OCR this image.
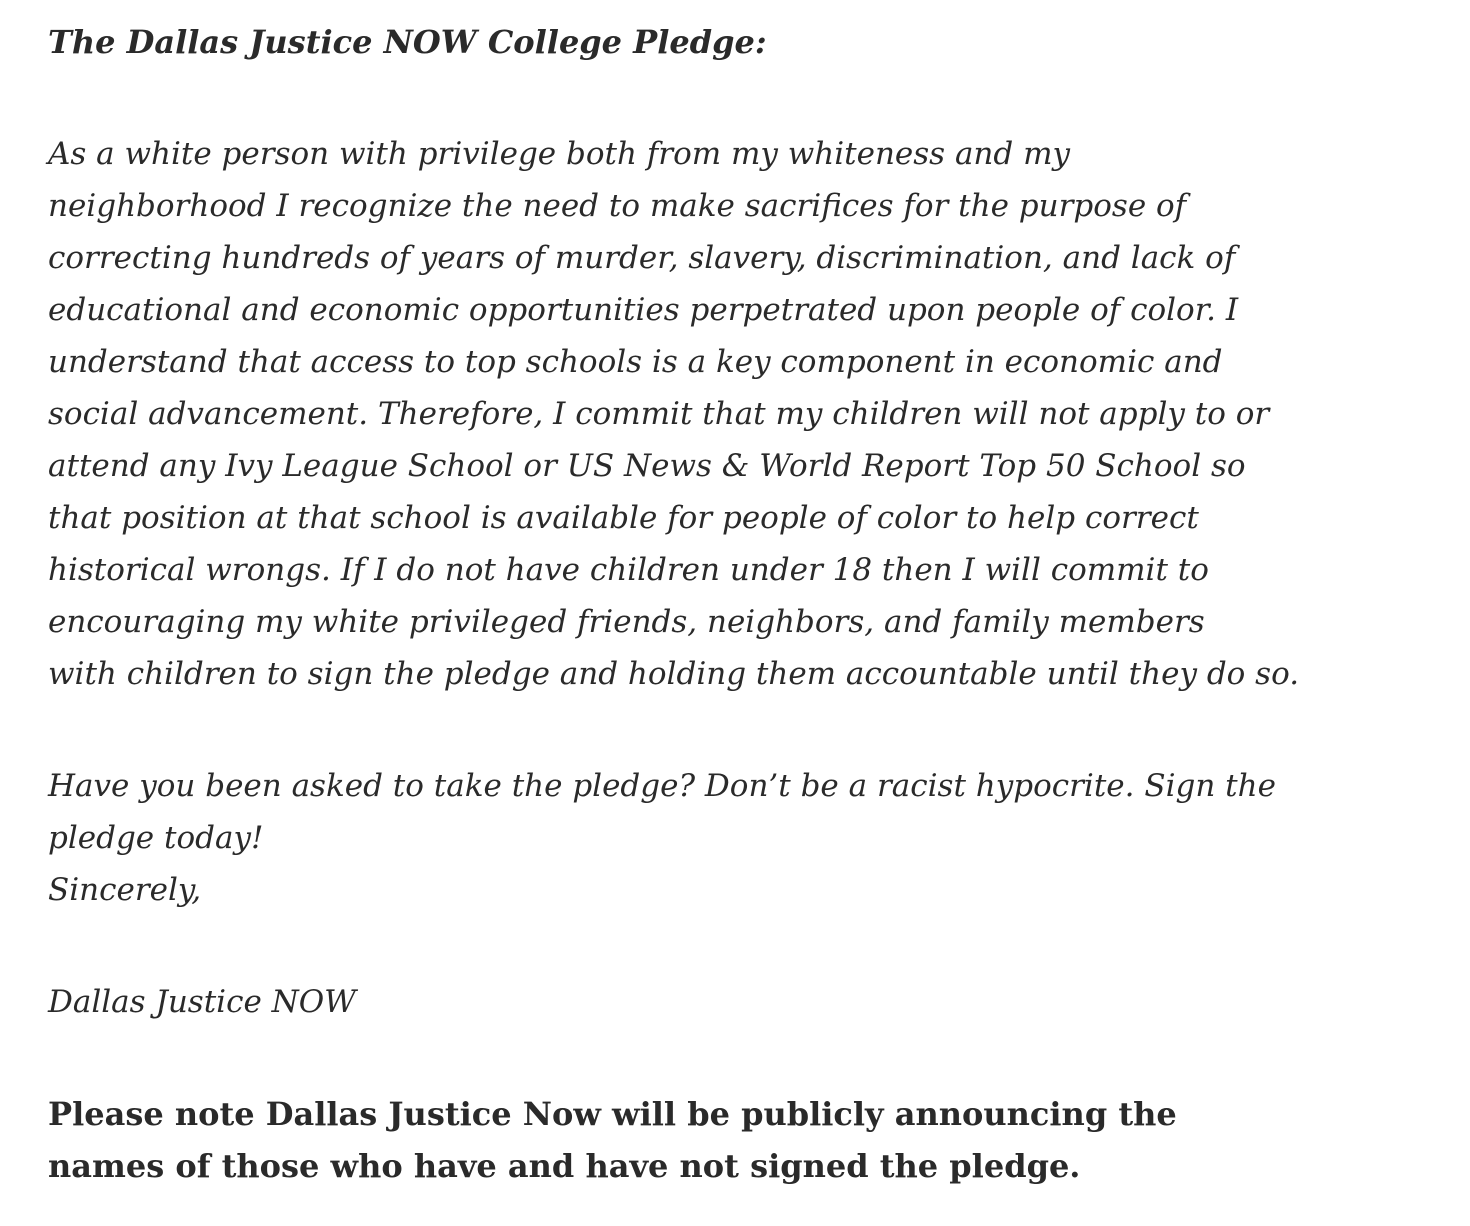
The Dallas Justice NOW College Pledge:

As a white person with privilege both from my whiteness and my
neighborhood I recognize the need to make sacrifices for the purpose of
correcting hundreds of years of murder, slavery, discrimination, and lack of
educational and economic opportunities perpetrated upon people of color. I
understand that access to top schools is a key component in economic and
social advancement. Therefore, I commit that my children will not apply to or
attend any Ivy League School or US News & World Report Top 50 School so
that position at that school is available for people of color to help correct
historical wrongs. If I do not have children under 18 then I will commit to
encouraging my white privileged friends, neighbors, and family members
with children to sign the pledge and holding them accountable until they do so.

Have you been asked to take the pledge? Don’t be a racist hypocrite. Sign the
pledge today!
Sincerely,

Dallas Justice NOW

Please note Dallas Justice Now will be publicly announcing the
names of those who have and have not signed the pledge.
